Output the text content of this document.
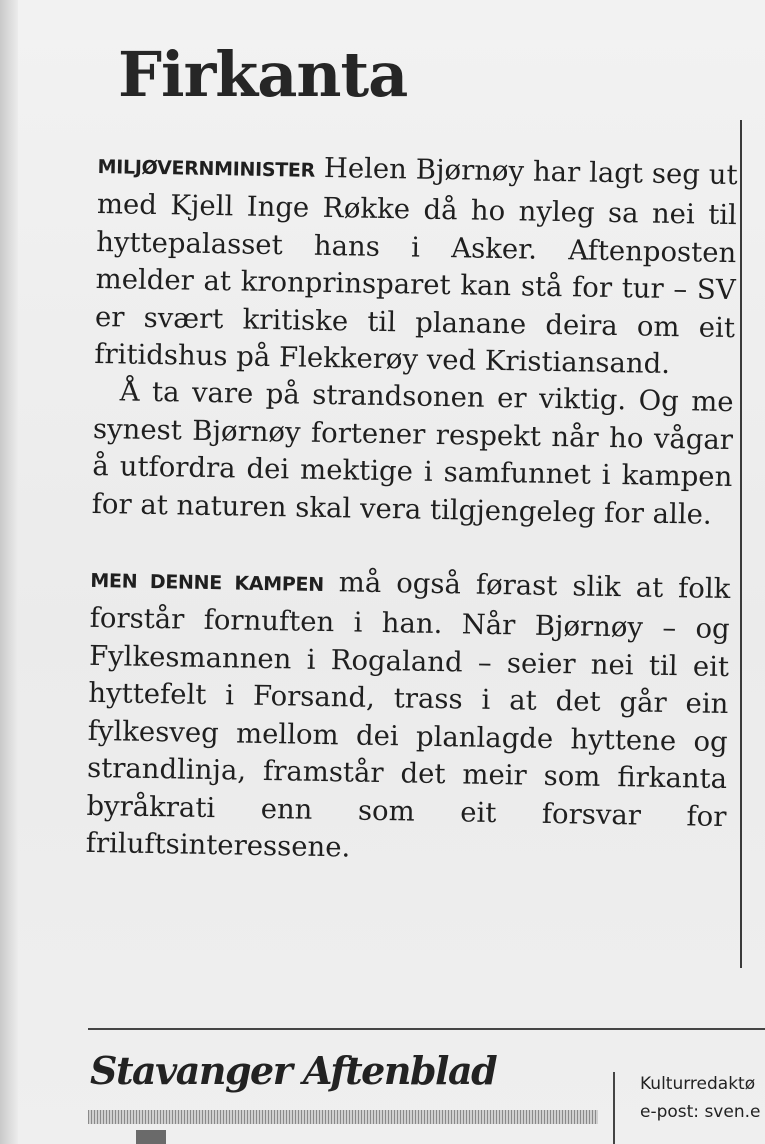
Firkanta

MILJØVERNMINISTER Helen Bjørnøy har lagt seg ut med Kjell Inge Røkke då ho nyleg sa nei til hyttepalasset hans i Asker. Aftenposten melder at kronprinsparet kan stå for tur – SV er svært kritiske til planane deira om eit fritidshus på Flekkerøy ved Kristiansand.

Å ta vare på strandsonen er viktig. Og me synest Bjørnøy fortener respekt når ho vågar å utfordra dei mektige i samfunnet i kampen for at naturen skal vera tilgjengeleg for alle.

MEN DENNE KAMPEN må også førast slik at folk forstår fornuften i han. Når Bjørnøy – og Fylkesmannen i Rogaland – seier nei til eit hyttefelt i Forsand, trass i at det går ein fylkesveg mellom dei planlagde hyttene og strandlinja, framstår det meir som firkanta byråkrati enn som eit forsvar for friluftsinteressene.

Stavanger Aftenblad	Kulturredaktø
e-post: sven.e
